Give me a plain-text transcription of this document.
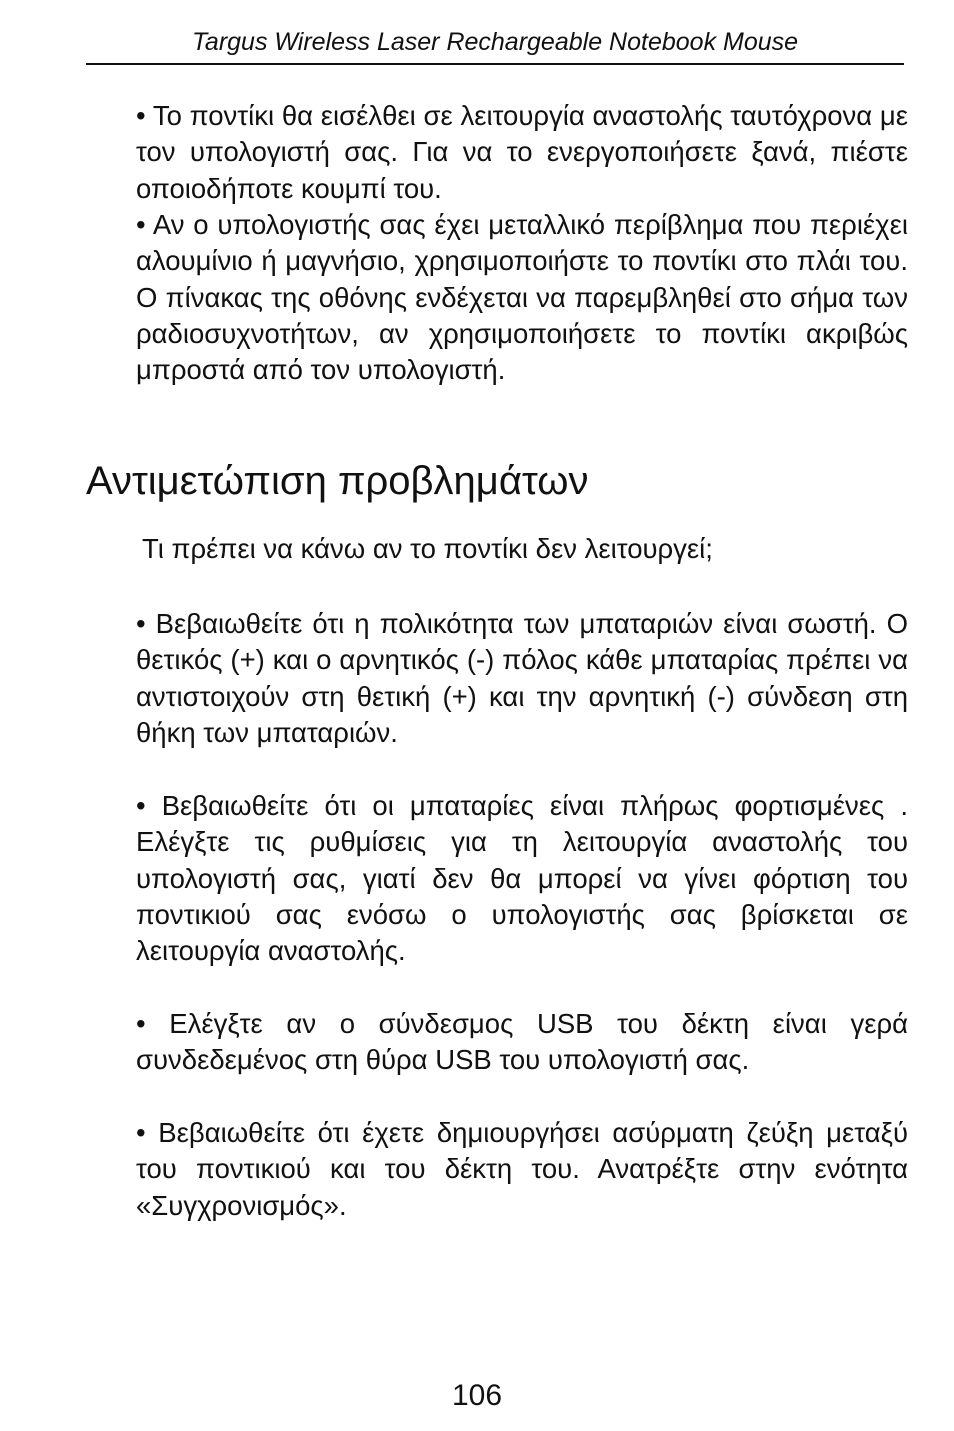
Targus Wireless Laser Rechargeable Notebook Mouse

• Το ποντίκι θα εισέλθει σε λειτουργία αναστολής ταυτόχρονα με τον υπολογιστή σας. Για να το ενεργοποιήσετε ξανά, πιέστε οποιοδήποτε κουμπί του.

• Αν ο υπολογιστής σας έχει μεταλλικό περίβλημα που περιέχει αλουμίνιο ή μαγνήσιο, χρησιμοποιήστε το ποντίκι στο πλάι του. Ο πίνακας της οθόνης ενδέχεται να παρεμβληθεί στο σήμα των ραδιοσυχνοτήτων, αν χρησιμοποιήσετε το ποντίκι ακριβώς μπροστά από τον υπολογιστή.

Αντιμετώπιση προβλημάτων

Τι πρέπει να κάνω αν το ποντίκι δεν λειτουργεί;

• Βεβαιωθείτε ότι η πολικότητα των μπαταριών είναι σωστή. Ο θετικός (+) και ο αρνητικός (-) πόλος κάθε μπαταρίας πρέπει να αντιστοιχούν στη θετική (+) και την αρνητική (-) σύνδεση στη θήκη των μπαταριών.

• Βεβαιωθείτε ότι οι μπαταρίες είναι πλήρως φορτισμένες . Ελέγξτε τις ρυθμίσεις για τη λειτουργία αναστολής του υπολογιστή σας, γιατί δεν θα μπορεί να γίνει φόρτιση του ποντικιού σας ενόσω ο υπολογιστής σας βρίσκεται σε λειτουργία αναστολής.

• Ελέγξτε αν ο σύνδεσμος USB του δέκτη είναι γερά συνδεδεμένος στη θύρα USB του υπολογιστή σας.

• Βεβαιωθείτε ότι έχετε δημιουργήσει ασύρματη ζεύξη μεταξύ του ποντικιού και του δέκτη του. Ανατρέξτε στην ενότητα «Συγχρονισμός».

106
